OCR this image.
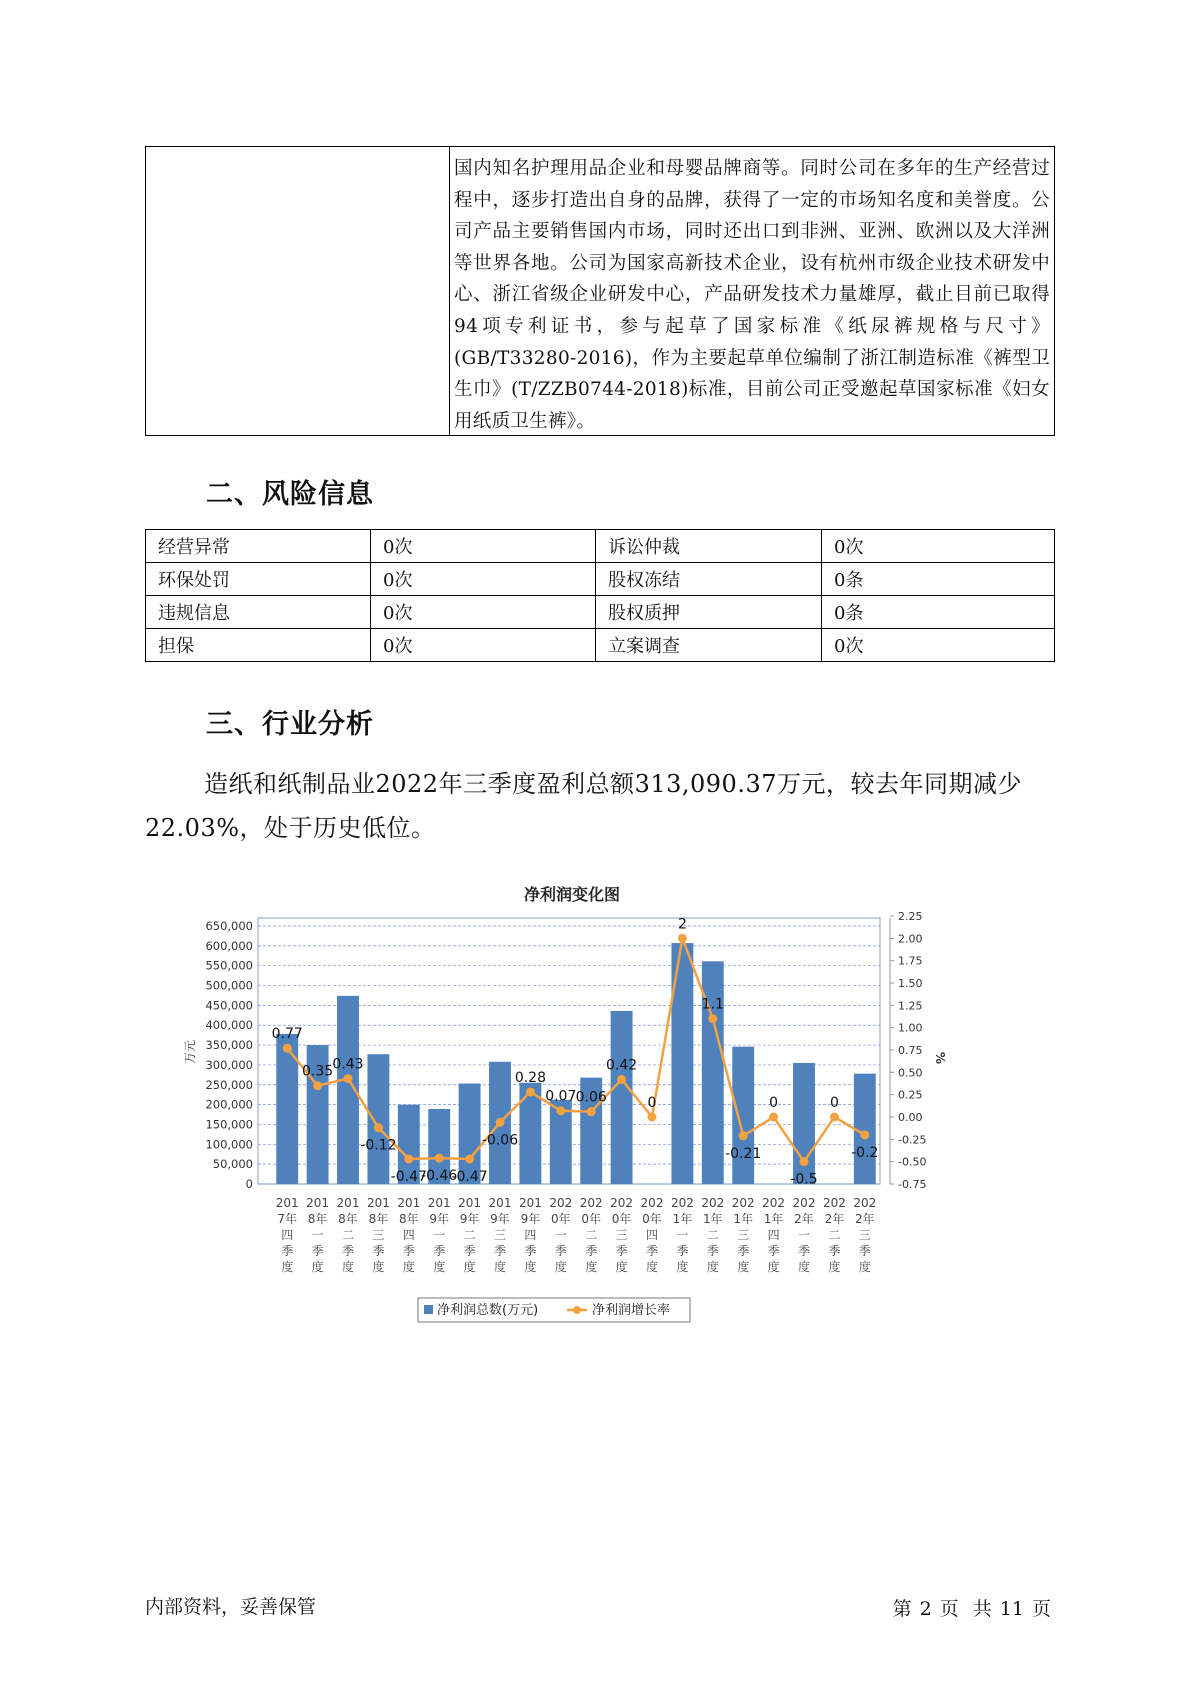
国内知名护理用品企业和母婴品牌商等。同时公司在多年的生产经营过程中，逐步打造出自身的品牌，获得了一定的市场知名度和美誉度。公司产品主要销售国内市场，同时还出口到非洲、亚洲、欧洲以及大洋洲等世界各地。公司为国家高新技术企业，设有杭州市级企业技术研发中心、浙江省级企业研发中心，产品研发技术力量雄厚，截止目前已取得94项专利证书，参与起草了国家标准《纸尿裤规格与尺寸》(GB/T33280-2016)，作为主要起草单位编制了浙江制造标准《裤型卫生巾》(T/ZZB0744-2018)标准，目前公司正受邀起草国家标准《妇女用纸质卫生裤》。
二、风险信息
经营异常	0次	诉讼仲裁	0次
环保处罚	0次	股权冻结	0条
违规信息	0次	股权质押	0条
担保	0次	立案调查	0次
三、行业分析
造纸和纸制品业2022年三季度盈利总额313,090.37万元，较去年同期减少22.03%，处于历史低位。
净利润变化图
0
50,000
100,000
150,000
200,000
250,000
300,000
350,000
400,000
450,000
500,000
550,000
600,000
650,000
万元
2.25
2.00
1.75
1.50
1.25
1.00
0.75
0.50
0.25
0.00
-0.25
-0.50
-0.75
%
0.77
0.35 0.43
-0.12
-0.47
-0.46
-0.47
-0.06
0.28
0.07 0.06
0.42
0
2
1.1
-0.21
0
-0.5
0
-0.2
201
7年
四
季
度
201
8年
一
季
度
201
8年
二
季
度
201
8年
三
季
度
201
8年
四
季
度
201
9年
一
季
度
201
9年
二
季
度
201
9年
三
季
度
201
9年
四
季
度
202
0年
一
季
度
202
0年
二
季
度
202
0年
三
季
度
202
0年
四
季
度
202
1年
一
季
度
202
1年
二
季
度
202
1年
三
季
度
202
1年
四
季
度
202
2年
一
季
度
202
2年
二
季
度
202
2年
三
季
度
净利润总数(万元)	净利润增长率
内部资料，妥善保管	第 2 页 共 11 页
